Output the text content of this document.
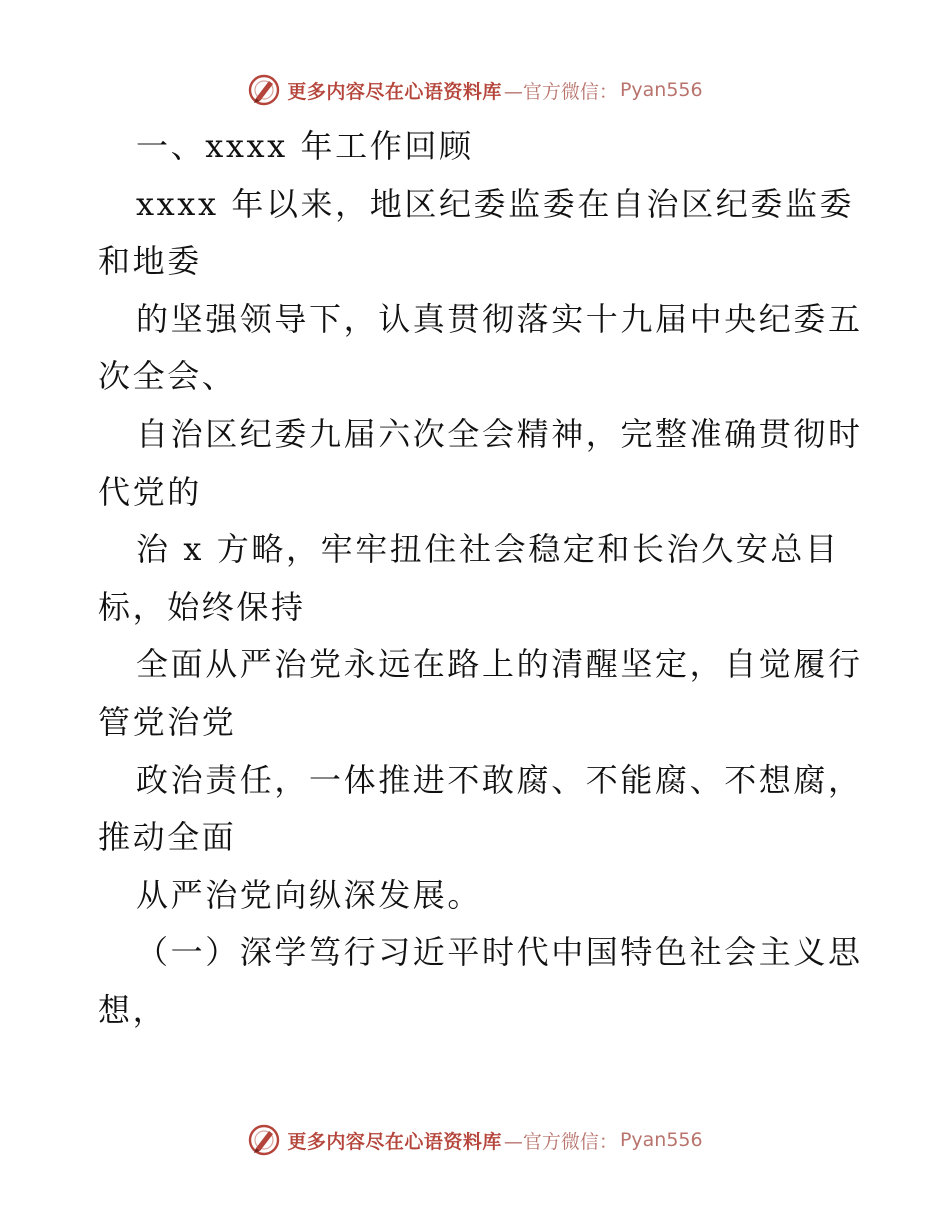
更多内容尽在心语资料库 —官方微信： Pyan556
一、xxxx 年工作回顾
xxxx 年以来，地区纪委监委在自治区纪委监委
和地委
的坚强领导下，认真贯彻落实十九届中央纪委五
次全会、
自治区纪委九届六次全会精神，完整准确贯彻时
代党的
治 x 方略，牢牢扭住社会稳定和长治久安总目
标，始终保持
全面从严治党永远在路上的清醒坚定，自觉履行
管党治党
政治责任，一体推进不敢腐、不能腐、不想腐，
推动全面
从严治党向纵深发展。
（一）深学笃行习近平时代中国特色社会主义思
想，
更多内容尽在心语资料库 —官方微信： Pyan556
